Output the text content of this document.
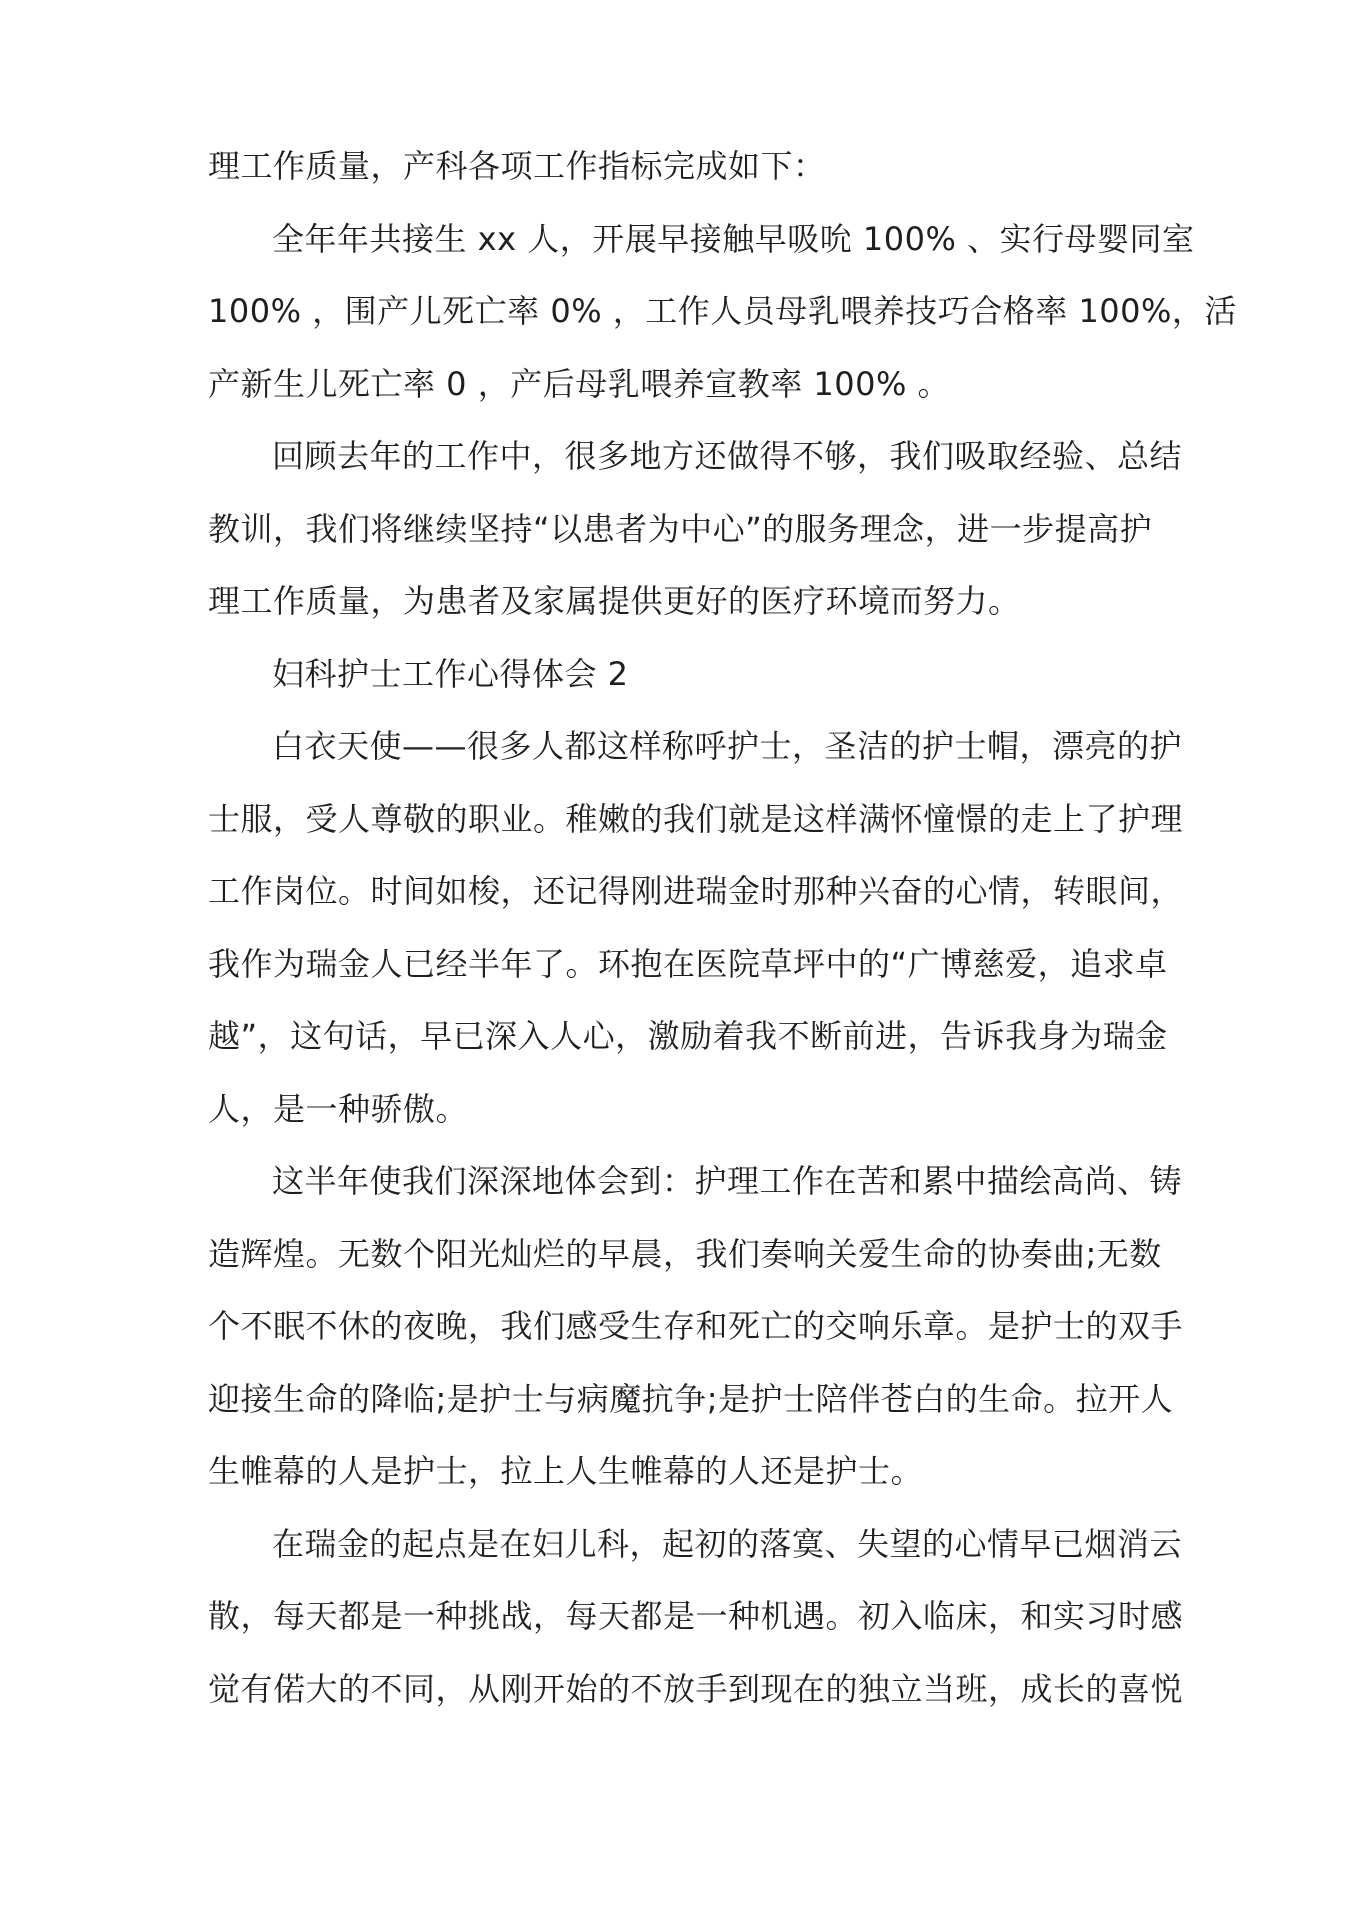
理工作质量，产科各项工作指标完成如下：
全年年共接生 xx 人，开展早接触早吸吮 100% 、实行母婴同室
100% ，围产儿死亡率 0% ，工作人员母乳喂养技巧合格率 100%，活
产新生儿死亡率 0 ，产后母乳喂养宣教率 100% 。
回顾去年的工作中，很多地方还做得不够，我们吸取经验、总结
教训，我们将继续坚持“以患者为中心”的服务理念，进一步提高护
理工作质量，为患者及家属提供更好的医疗环境而努力。
妇科护士工作心得体会 2
白衣天使——很多人都这样称呼护士，圣洁的护士帽，漂亮的护
士服，受人尊敬的职业。稚嫩的我们就是这样满怀憧憬的走上了护理
工作岗位。时间如梭，还记得刚进瑞金时那种兴奋的心情，转眼间，
我作为瑞金人已经半年了。环抱在医院草坪中的“广博慈爱，追求卓
越”，这句话，早已深入人心，激励着我不断前进，告诉我身为瑞金
人，是一种骄傲。
这半年使我们深深地体会到：护理工作在苦和累中描绘高尚、铸
造辉煌。无数个阳光灿烂的早晨，我们奏响关爱生命的协奏曲;无数
个不眠不休的夜晚，我们感受生存和死亡的交响乐章。是护士的双手
迎接生命的降临;是护士与病魔抗争;是护士陪伴苍白的生命。拉开人
生帷幕的人是护士，拉上人生帷幕的人还是护士。
在瑞金的起点是在妇儿科，起初的落寞、失望的心情早已烟消云
散，每天都是一种挑战，每天都是一种机遇。初入临床，和实习时感
觉有偌大的不同，从刚开始的不放手到现在的独立当班，成长的喜悦
